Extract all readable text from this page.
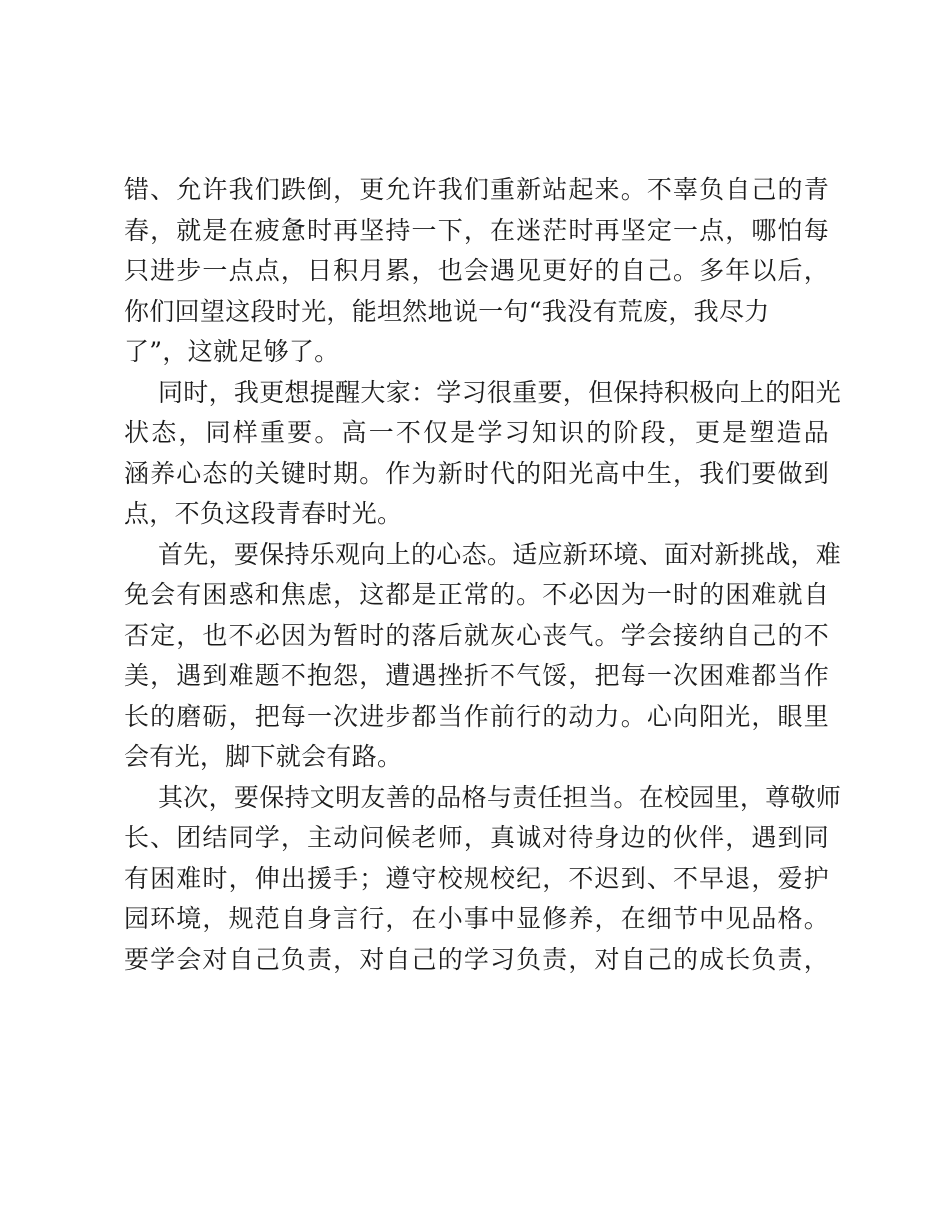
错、允许我们跌倒，更允许我们重新站起来。不辜负自己的青
春，就是在疲惫时再坚持一下，在迷茫时再坚定一点，哪怕每
只进步一点点，日积月累，也会遇见更好的自己。多年以后，
你们回望这段时光，能坦然地说一句“我没有荒废，我尽力
了”，这就足够了。
同时，我更想提醒大家：学习很重要，但保持积极向上的阳光
状态，同样重要。高一不仅是学习知识的阶段，更是塑造品
涵养心态的关键时期。作为新时代的阳光高中生，我们要做到
点，不负这段青春时光。
首先，要保持乐观向上的心态。适应新环境、面对新挑战，难
免会有困惑和焦虑，这都是正常的。不必因为一时的困难就自
否定，也不必因为暂时的落后就灰心丧气。学会接纳自己的不
美，遇到难题不抱怨，遭遇挫折不气馁，把每一次困难都当作
长的磨砺，把每一次进步都当作前行的动力。心向阳光，眼里
会有光，脚下就会有路。
其次，要保持文明友善的品格与责任担当。在校园里，尊敬师
长、团结同学，主动问候老师，真诚对待身边的伙伴，遇到同
有困难时，伸出援手；遵守校规校纪，不迟到、不早退，爱护
园环境，规范自身言行，在小事中显修养，在细节中见品格。
要学会对自己负责，对自己的学习负责，对自己的成长负责，
